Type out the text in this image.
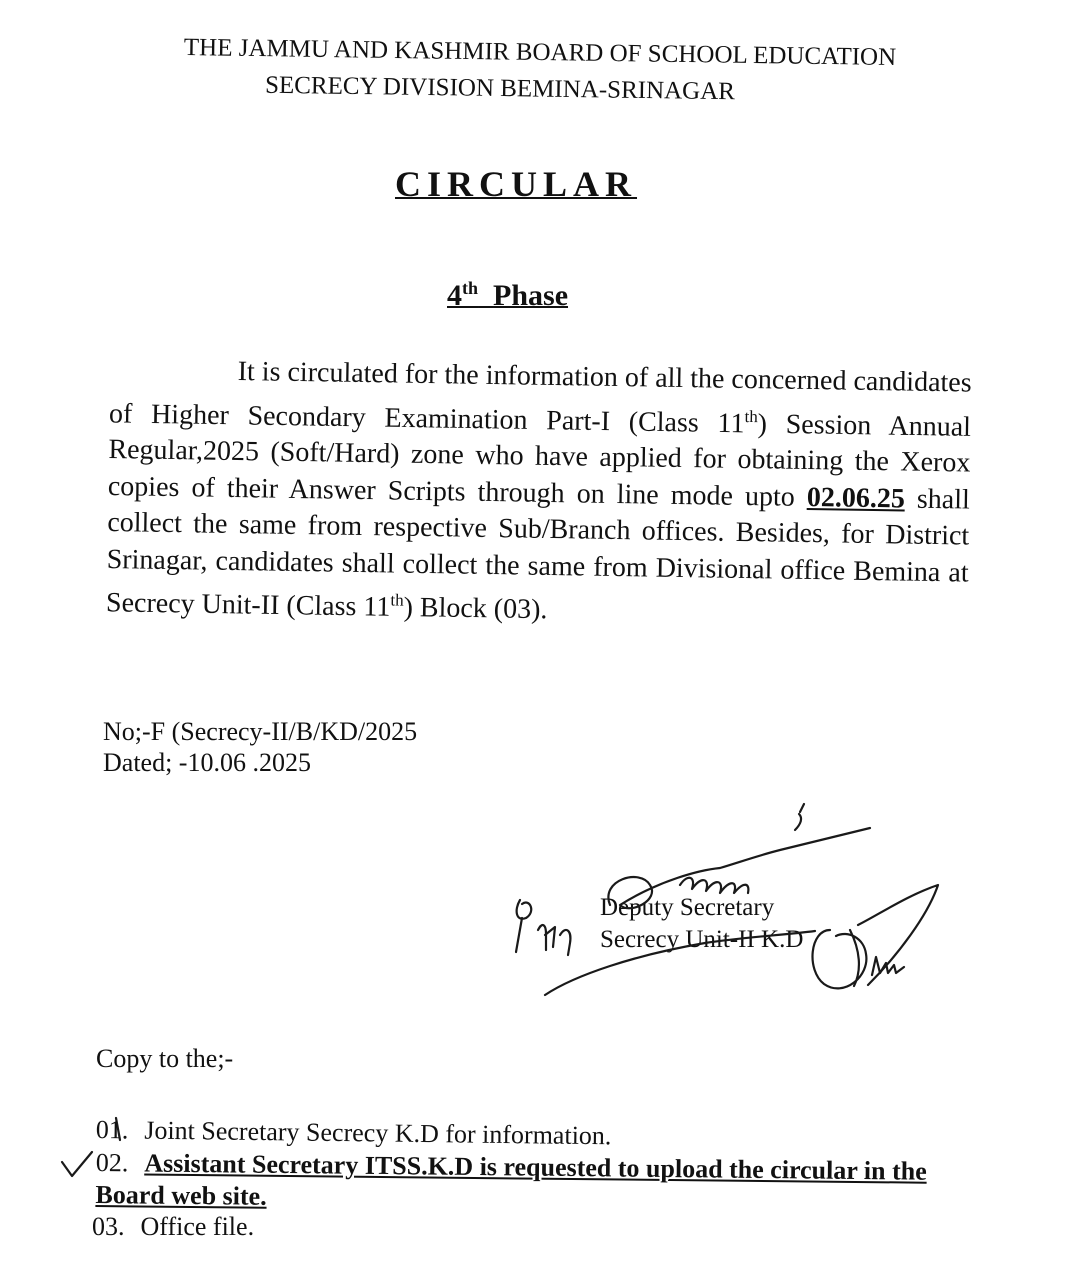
THE JAMMU AND KASHMIR BOARD OF SCHOOL EDUCATION
SECRECY DIVISION BEMINA-SRINAGAR
CIRCULAR
4th Phase
It is circulated for the information of all the concerned candidates of Higher Secondary Examination Part-I (Class 11th) Session Annual Regular,2025 (Soft/Hard) zone who have applied for obtaining the Xerox copies of their Answer Scripts through on line mode upto 02.06.25 shall collect the same from respective Sub/Branch offices. Besides, for District Srinagar, candidates shall collect the same from Divisional office Bemina at Secrecy Unit-II (Class 11th) Block (03).
No;-F (Secrecy-II/B/KD/2025
Dated; -10.06 .2025
Deputy Secretary
Secrecy Unit-II K.D
Copy to the;-
01. Joint Secretary Secrecy K.D for information.
02. Assistant Secretary ITSS.K.D is requested to upload the circular in the Board web site.
03. Office file.
